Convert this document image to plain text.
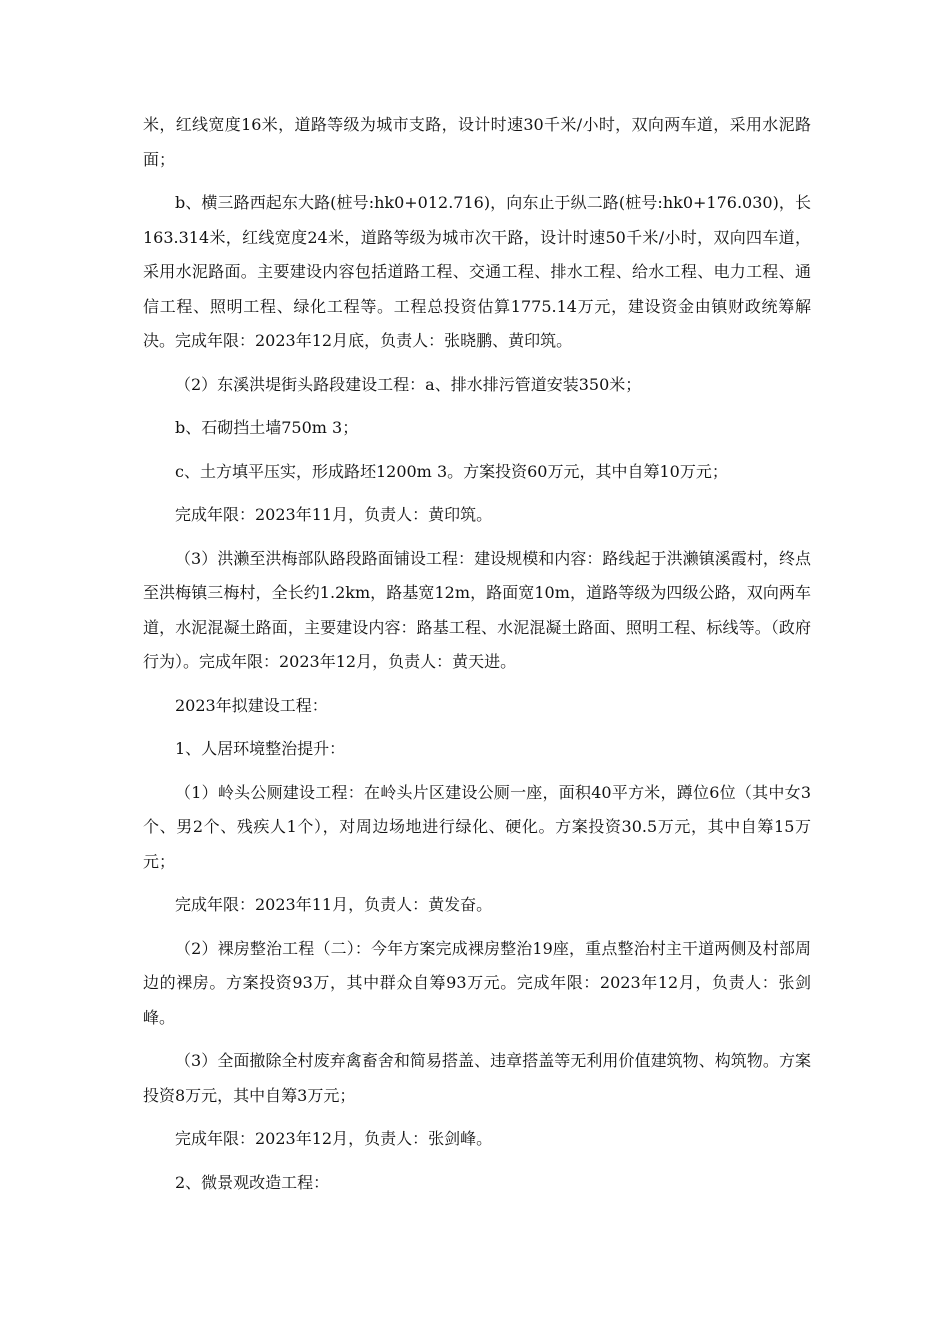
米，红线宽度16米，道路等级为城市支路，设计时速30千米/小时，双向两车道，采用水泥路面；

b、横三路西起东大路(桩号:hk0+012.716)，向东止于纵二路(桩号:hk0+176.030)，长163.314米，红线宽度24米，道路等级为城市次干路，设计时速50千米/小时，双向四车道，采用水泥路面。主要建设内容包括道路工程、交通工程、排水工程、给水工程、电力工程、通信工程、照明工程、绿化工程等。工程总投资估算1775.14万元，建设资金由镇财政统筹解决。完成年限：2023年12月底，负责人：张晓鹏、黄印筑。

（2）东溪洪堤街头路段建设工程：a、排水排污管道安装350米；

b、石砌挡土墙750m 3；

c、土方填平压实，形成路坯1200m 3。方案投资60万元，其中自筹10万元；

完成年限：2023年11月，负责人：黄印筑。

（3）洪濑至洪梅部队路段路面铺设工程：建设规模和内容：路线起于洪濑镇溪霞村，终点至洪梅镇三梅村，全长约1.2km，路基宽12m，路面宽10m，道路等级为四级公路，双向两车道，水泥混凝土路面，主要建设内容：路基工程、水泥混凝土路面、照明工程、标线等。（政府行为）。完成年限：2023年12月，负责人：黄天进。

2023年拟建设工程：

1、人居环境整治提升：

（1）岭头公厕建设工程：在岭头片区建设公厕一座，面积40平方米，蹲位6位（其中女3个、男2个、残疾人1个），对周边场地进行绿化、硬化。方案投资30.5万元，其中自筹15万元；

完成年限：2023年11月，负责人：黄发奋。

（2）裸房整治工程（二）：今年方案完成裸房整治19座，重点整治村主干道两侧及村部周边的裸房。方案投资93万，其中群众自筹93万元。完成年限：2023年12月，负责人：张剑峰。

（3）全面撤除全村废弃禽畜舍和简易搭盖、违章搭盖等无利用价值建筑物、构筑物。方案投资8万元，其中自筹3万元；

完成年限：2023年12月，负责人：张剑峰。

2、微景观改造工程：
